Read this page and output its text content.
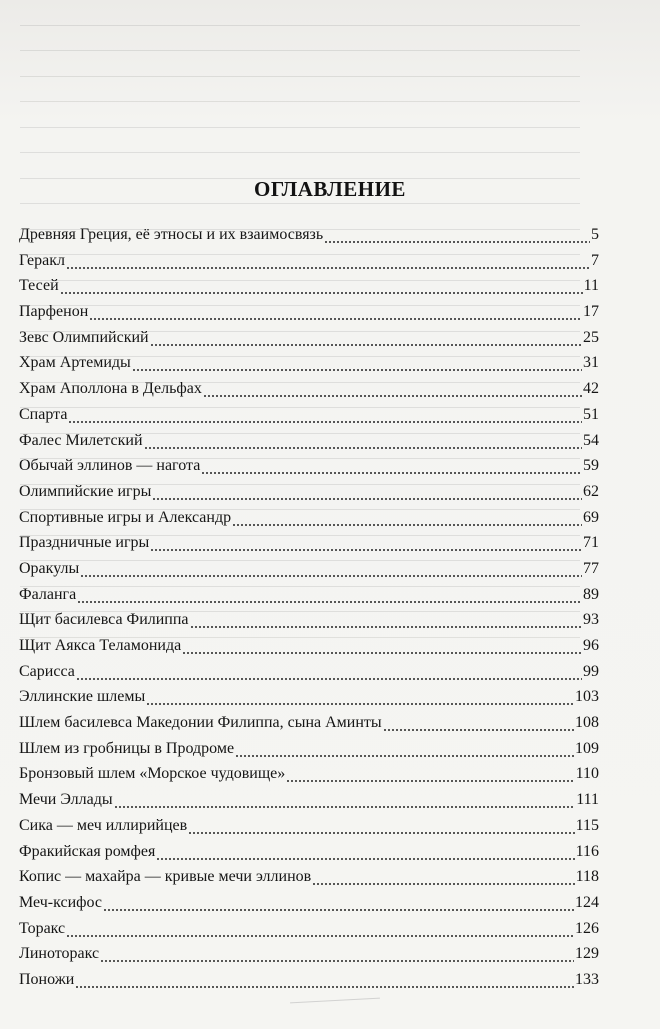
ОГЛАВЛЕНИЕ
Древняя Греция, её этносы и их взаимосвязь	5
Геракл	7
Тесей	11
Парфенон	17
Зевс Олимпийский	25
Храм Артемиды	31
Храм Аполлона в Дельфах	42
Спарта	51
Фалес Милетский	54
Обычай эллинов — нагота	59
Олимпийские игры	62
Спортивные игры и Александр	69
Праздничные игры	71
Оракулы	77
Фаланга	89
Щит басилевса Филиппа	93
Щит Аякса Теламонида	96
Сарисса	99
Эллинские шлемы	103
Шлем басилевса Македонии Филиппа, сына Аминты	108
Шлем из гробницы в Продроме	109
Бронзовый шлем «Морское чудовище»	110
Мечи Эллады	111
Сика — меч иллирийцев	115
Фракийская ромфея	116
Копис — махайра — кривые мечи эллинов	118
Меч-ксифос	124
Торакс	126
Линоторакс	129
Поножи	133
